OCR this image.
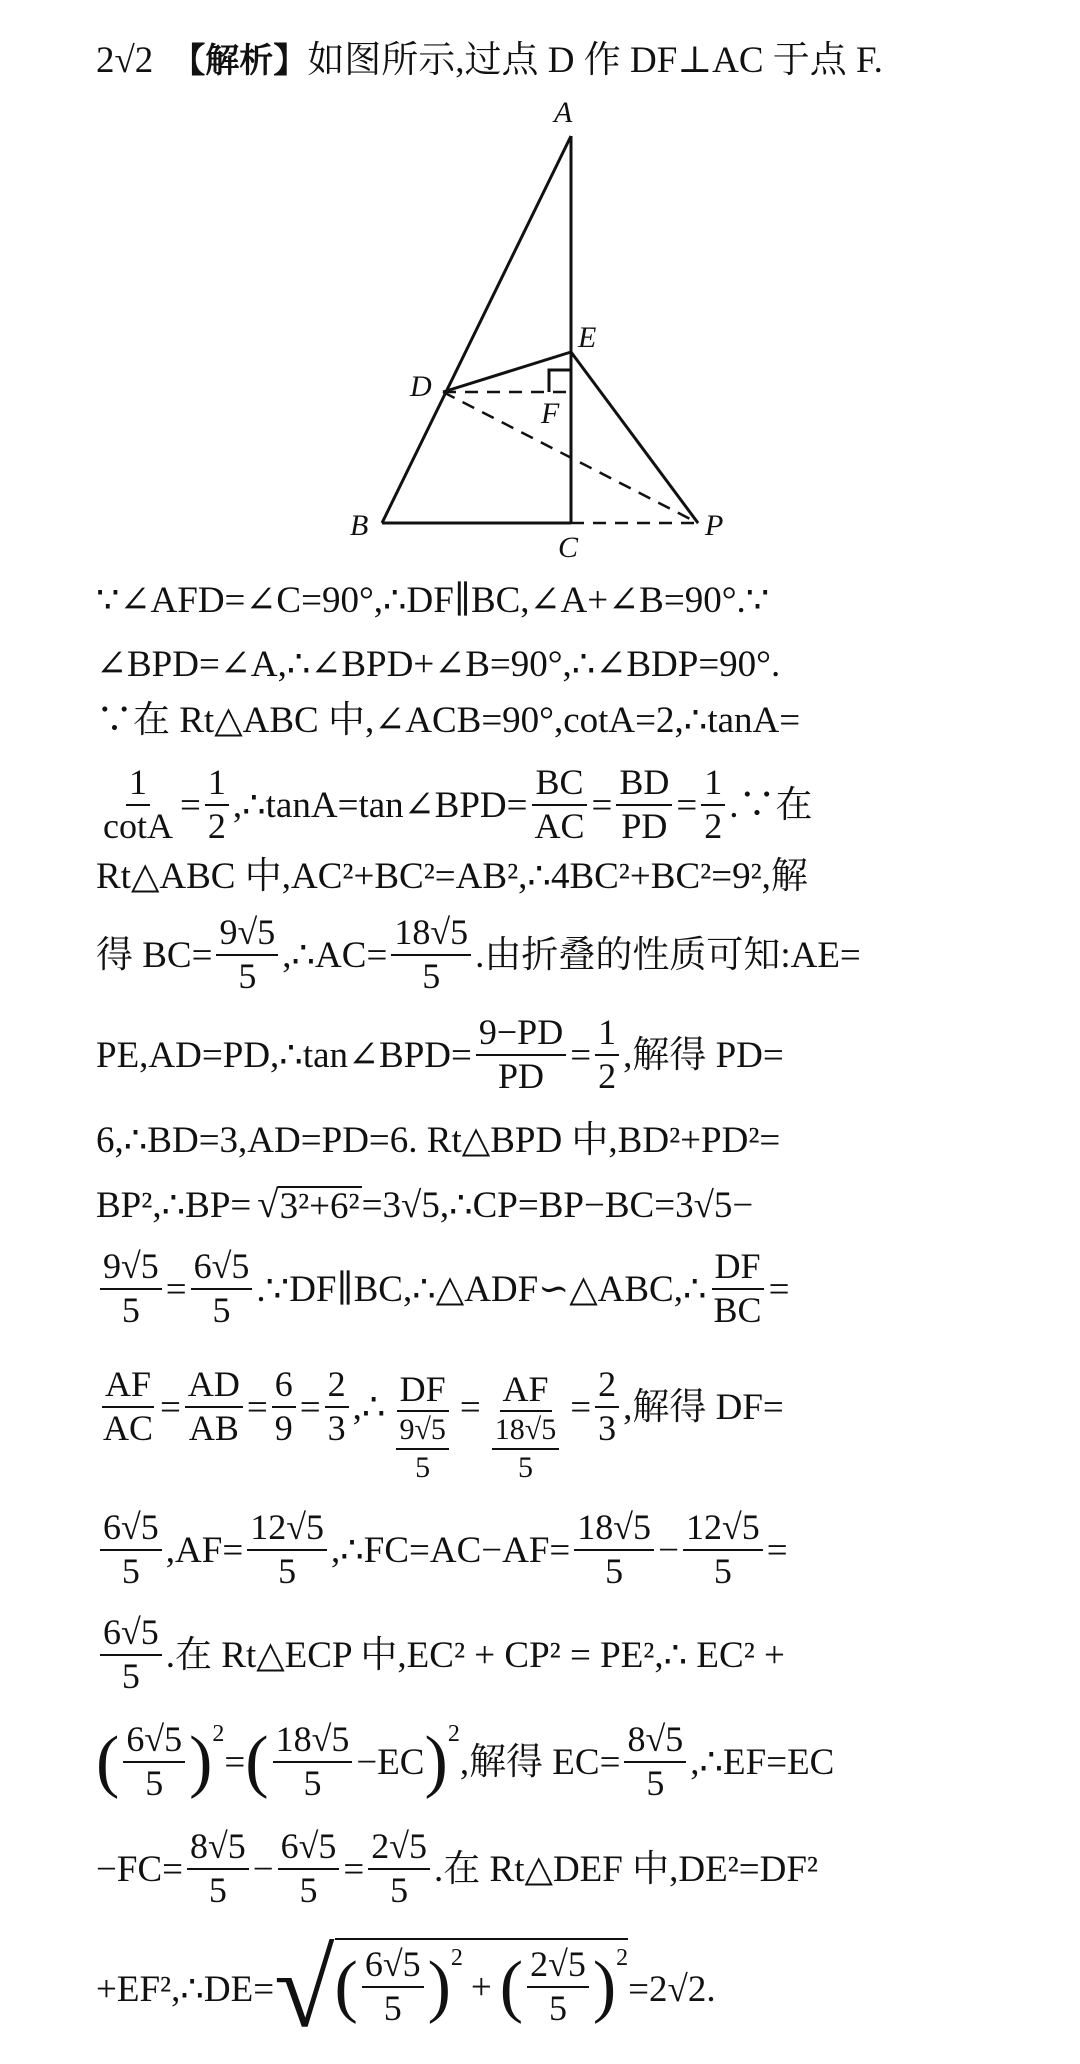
2√2 【解析】 如图所示,过点 D 作 DF⊥AC 于点 F.
A
E
D
F
B
C
P
∵∠AFD=∠C=90°,∴DF∥BC,∠A+∠B=90°.∵
∠BPD=∠A,∴∠BPD+∠B=90°,∴∠BDP=90°.
∵在 Rt△ABC 中,∠ACB=90°,cotA=2,∴tanA=
$\frac{1}{\cot A} = \frac{1}{2}$ ,∴tanA=tan∠BPD= $\frac{BC}{AC} = \frac{BD}{PD} = \frac{1}{2}$ .∵在
Rt△ABC 中,AC²+BC²=AB²,∴4BC²+BC²=9²,解
得 $BC= \frac{9√5}{5}$ ,∴AC= $\frac{18√5}{5}$ .由折叠的性质可知:AE=
PE,AD=PD,∴tan∠BPD= $\frac{9-PD}{PD} = \frac{1}{2}$ ,解得 PD=
6,∴BD=3,AD=PD=6. Rt△BPD 中,BD²+PD²=
BP²,∴BP= √ 3²+6² =3√5,∴CP=BP−BC=3√5−
$\frac{9√5}{5} = \frac{6√5}{5}$ .∵DF∥BC,∴△ADF∽△ABC,∴ $\frac{DF}{BC}$ =
$\frac{AF}{AC} = \frac{AD}{AB} = \frac{6}{9} = \frac{2}{3}$ ,∴ $\frac{DF}{\frac{9√5}{5}} = \frac{AF}{\frac{18√5}{5}} = \frac{2}{3}$ ,解得 DF=
$\frac{6√5}{5} ,AF= \frac{12√5}{5}$ ,∴FC=AC−AF= $\frac{18√5}{5} - \frac{12√5}{5}$ =
$\frac{6√5}{5}$ .在 Rt△ECP 中,EC² + CP² = PE²,∴ EC² +
( $\frac{6√5}{5} )^2$
= ( $\frac{18√5}{5} -EC$ )$^2$
,解得 $EC= \frac{8√5}{5}$ ,∴EF=EC
$-FC= \frac{8√5}{5} - \frac{6√5}{5} = \frac{2√5}{5}$ .在 Rt△DEF 中,DE²=DF²
+EF²,∴DE= √ ( $\frac{6√5}{5} )^2$
+ ( $\frac{2√5}{5} )^2$
=2√2.
